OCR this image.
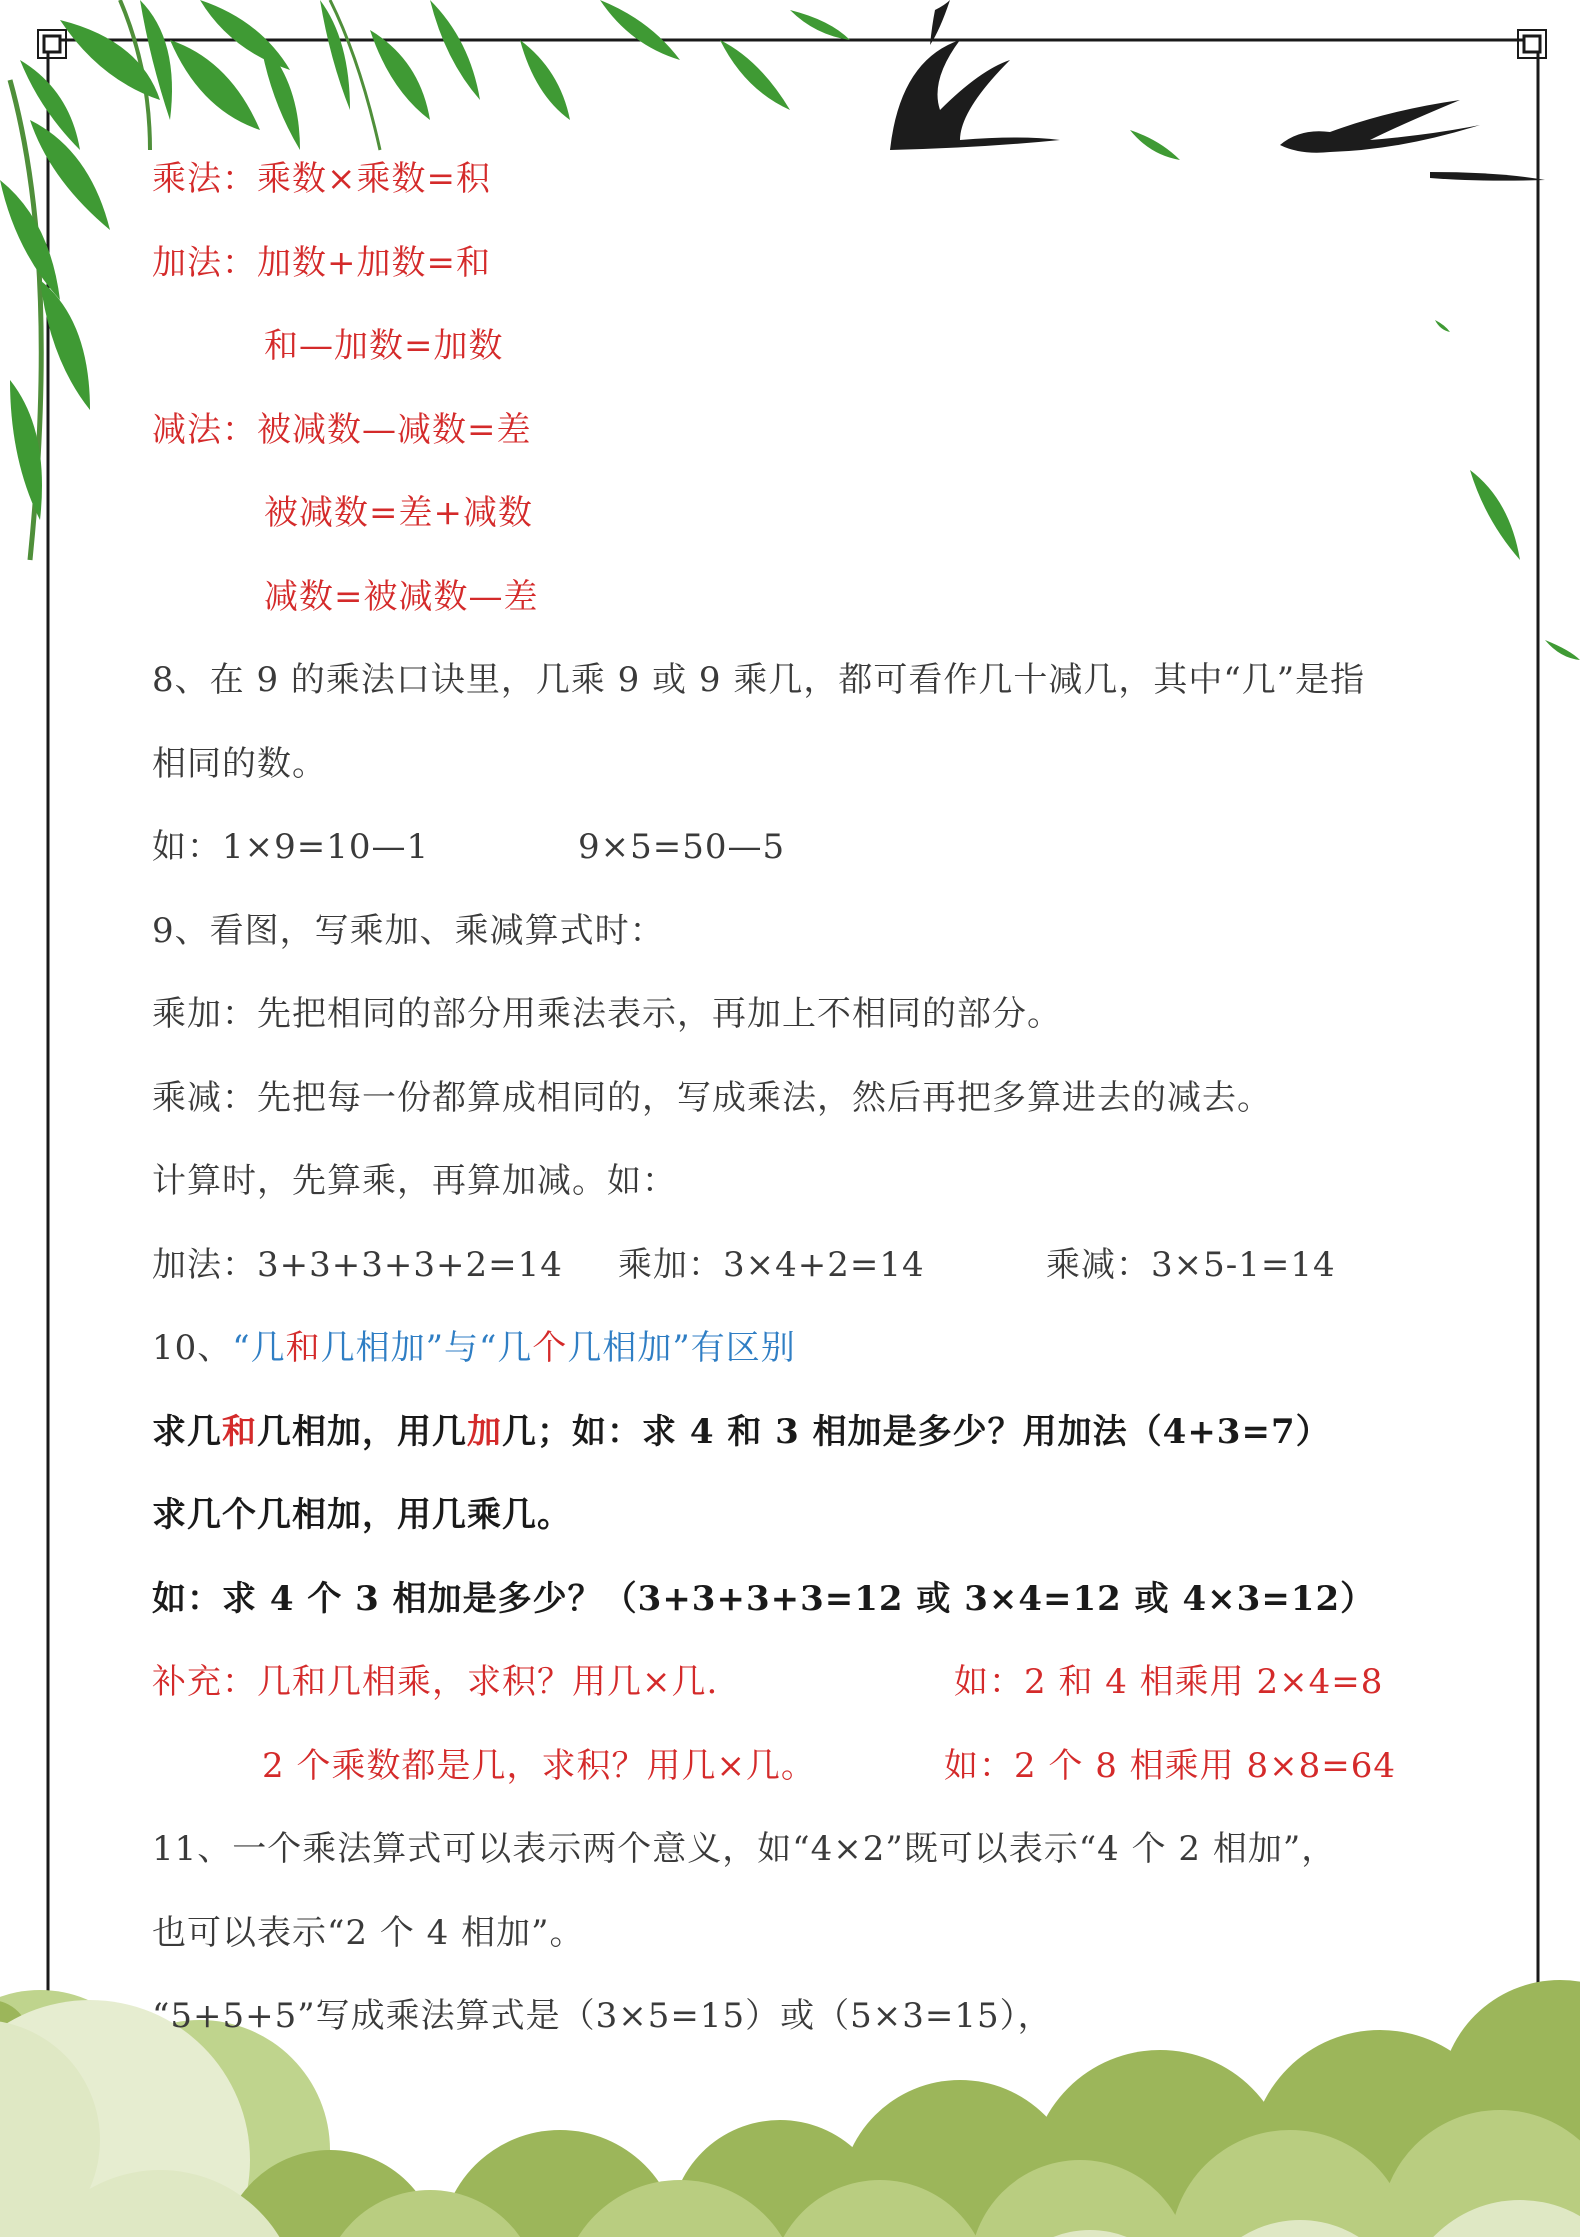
乘法：乘数×乘数=积
加法：加数+加数=和
和—加数=加数
减法：被减数—减数=差
被减数=差+减数
减数=被减数—差
8、在 9 的乘法口诀里，几乘 9 或 9 乘几，都可看作几十减几，其中“几”是指
相同的数。
如：1×9=10—1	9×5=50—5
9、看图，写乘加、乘减算式时：
乘加：先把相同的部分用乘法表示，再加上不相同的部分。
乘减：先把每一份都算成相同的，写成乘法，然后再把多算进去的减去。
计算时，先算乘，再算加减。如：
加法：3+3+3+3+2=14 乘加：3×4+2=14	乘减：3×5-1=14
10、“几和几相加”与“几个几相加”有区别
求几和几相加，用几加几；如：求 4 和 3 相加是多少？用加法（4+3=7）
求几个几相加，用几乘几。
如：求 4 个 3 相加是多少？（3+3+3+3=12 或 3×4=12 或 4×3=12）
补充：几和几相乘，求积？用几×几.	如：2 和 4 相乘用 2×4=8
2 个乘数都是几，求积？用几×几。	如：2 个 8 相乘用 8×8=64
11、一个乘法算式可以表示两个意义，如“4×2”既可以表示“4 个 2 相加”，
也可以表示“2 个 4 相加”。
“5+5+5”写成乘法算式是（3×5=15）或（5×3=15），
